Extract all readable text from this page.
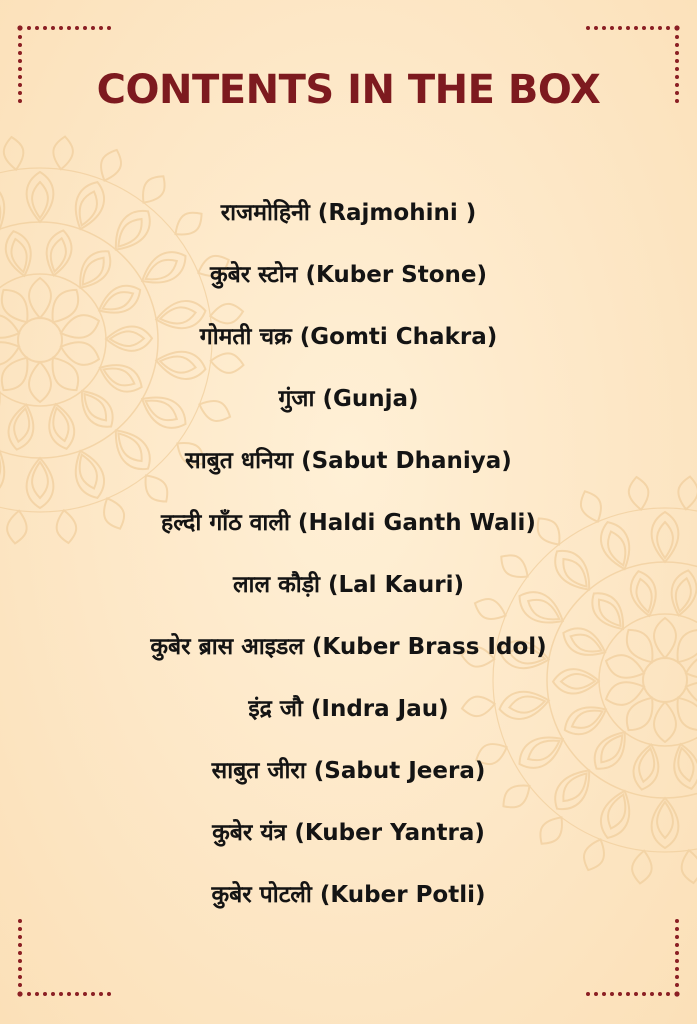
CONTENTS IN THE BOX
राजमोहिनी (Rajmohini )
कुबेर स्टोन (Kuber Stone)
गोमती चक्र (Gomti Chakra)
गुंजा (Gunja)
साबुत धनिया (Sabut Dhaniya)
हल्दी गाँठ वाली (Haldi Ganth Wali)
लाल कौड़ी (Lal Kauri)
कुबेर ब्रास आइडल (Kuber Brass Idol)
इंद्र जौ (Indra Jau)
साबुत जीरा (Sabut Jeera)
कुबेर यंत्र (Kuber Yantra)
कुबेर पोटली (Kuber Potli)
